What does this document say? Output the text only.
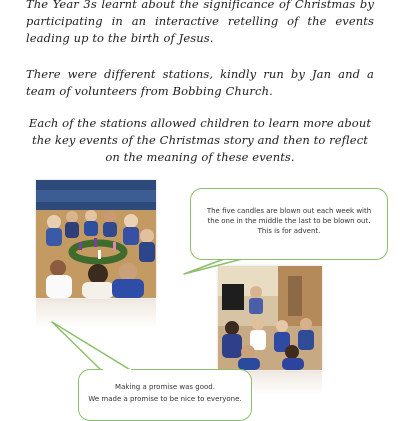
The Year 3s learnt about the significance of Christmas by participating in an interactive retelling of the events leading up to the birth of Jesus.
There were different stations, kindly run by Jan and a team of volunteers from Bobbing Church.
Each of the stations allowed children to learn more about the key events of the Christmas story and then to reflect on the meaning of these events.
The five candles are blown out each week with the one in the middle the last to be blown out. This is for advent.
Making a promise was good.
We made a promise to be nice to everyone.
